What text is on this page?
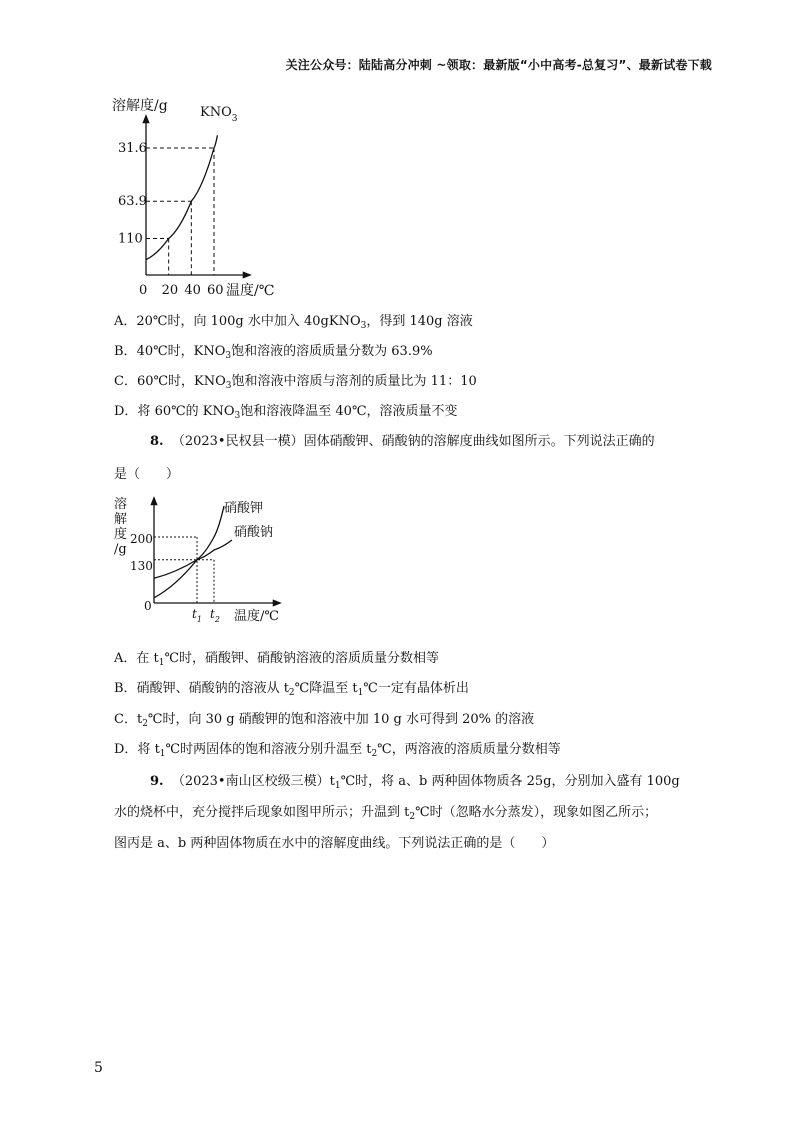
关注公众号：陆陆高分冲刺 ~领取：最新版“小中高考-总复习”、最新试卷下载
溶解度/g $KNO_3$
110
63.9
31.6
0 20 40 60 温度/℃

A．20℃时，向 100g 水中加入 40gKNO$_3$，得到 140g 溶液

B．40℃时，$KNO_3$饱和溶液的溶质质量分数为 63.9%

C．60℃时，$KNO_3$饱和溶液中溶质与溶剂的质量比为 11：10

D．将 60℃的 $KNO_3$饱和溶液降温至 40℃，溶液质量不变

8. （2023•民权县一模）固体硝酸钾、硝酸钠的溶解度曲线如图所示。下列说法正确的

是（　　）

溶
解
度
/g
硝酸钾
硝酸钠
200
130
0
$t_1$ $t_2$ 温度/℃

A．在 $t_1℃$时，硝酸钾、硝酸钠溶液的溶质质量分数相等

B．硝酸钾、硝酸钠的溶液从 $t_2℃$降温至 $t_1℃$一定有晶体析出

C．$t_2℃$时，向 30 g 硝酸钾的饱和溶液中加 10 g 水可得到 20% 的溶液

D．将 $t_1℃$时两固体的饱和溶液分别升温至 $t_2℃$，两溶液的溶质质量分数相等

9. （2023•南山区校级三模）$t_1℃$时，将 a、b 两种固体物质各 25g，分别加入盛有 100g

水的烧杯中，充分搅拌后现象如图甲所示；升温到 $t_2℃$时（忽略水分蒸发），现象如图乙所示；

图丙是 a、b 两种固体物质在水中的溶解度曲线。下列说法正确的是（　　）

5
